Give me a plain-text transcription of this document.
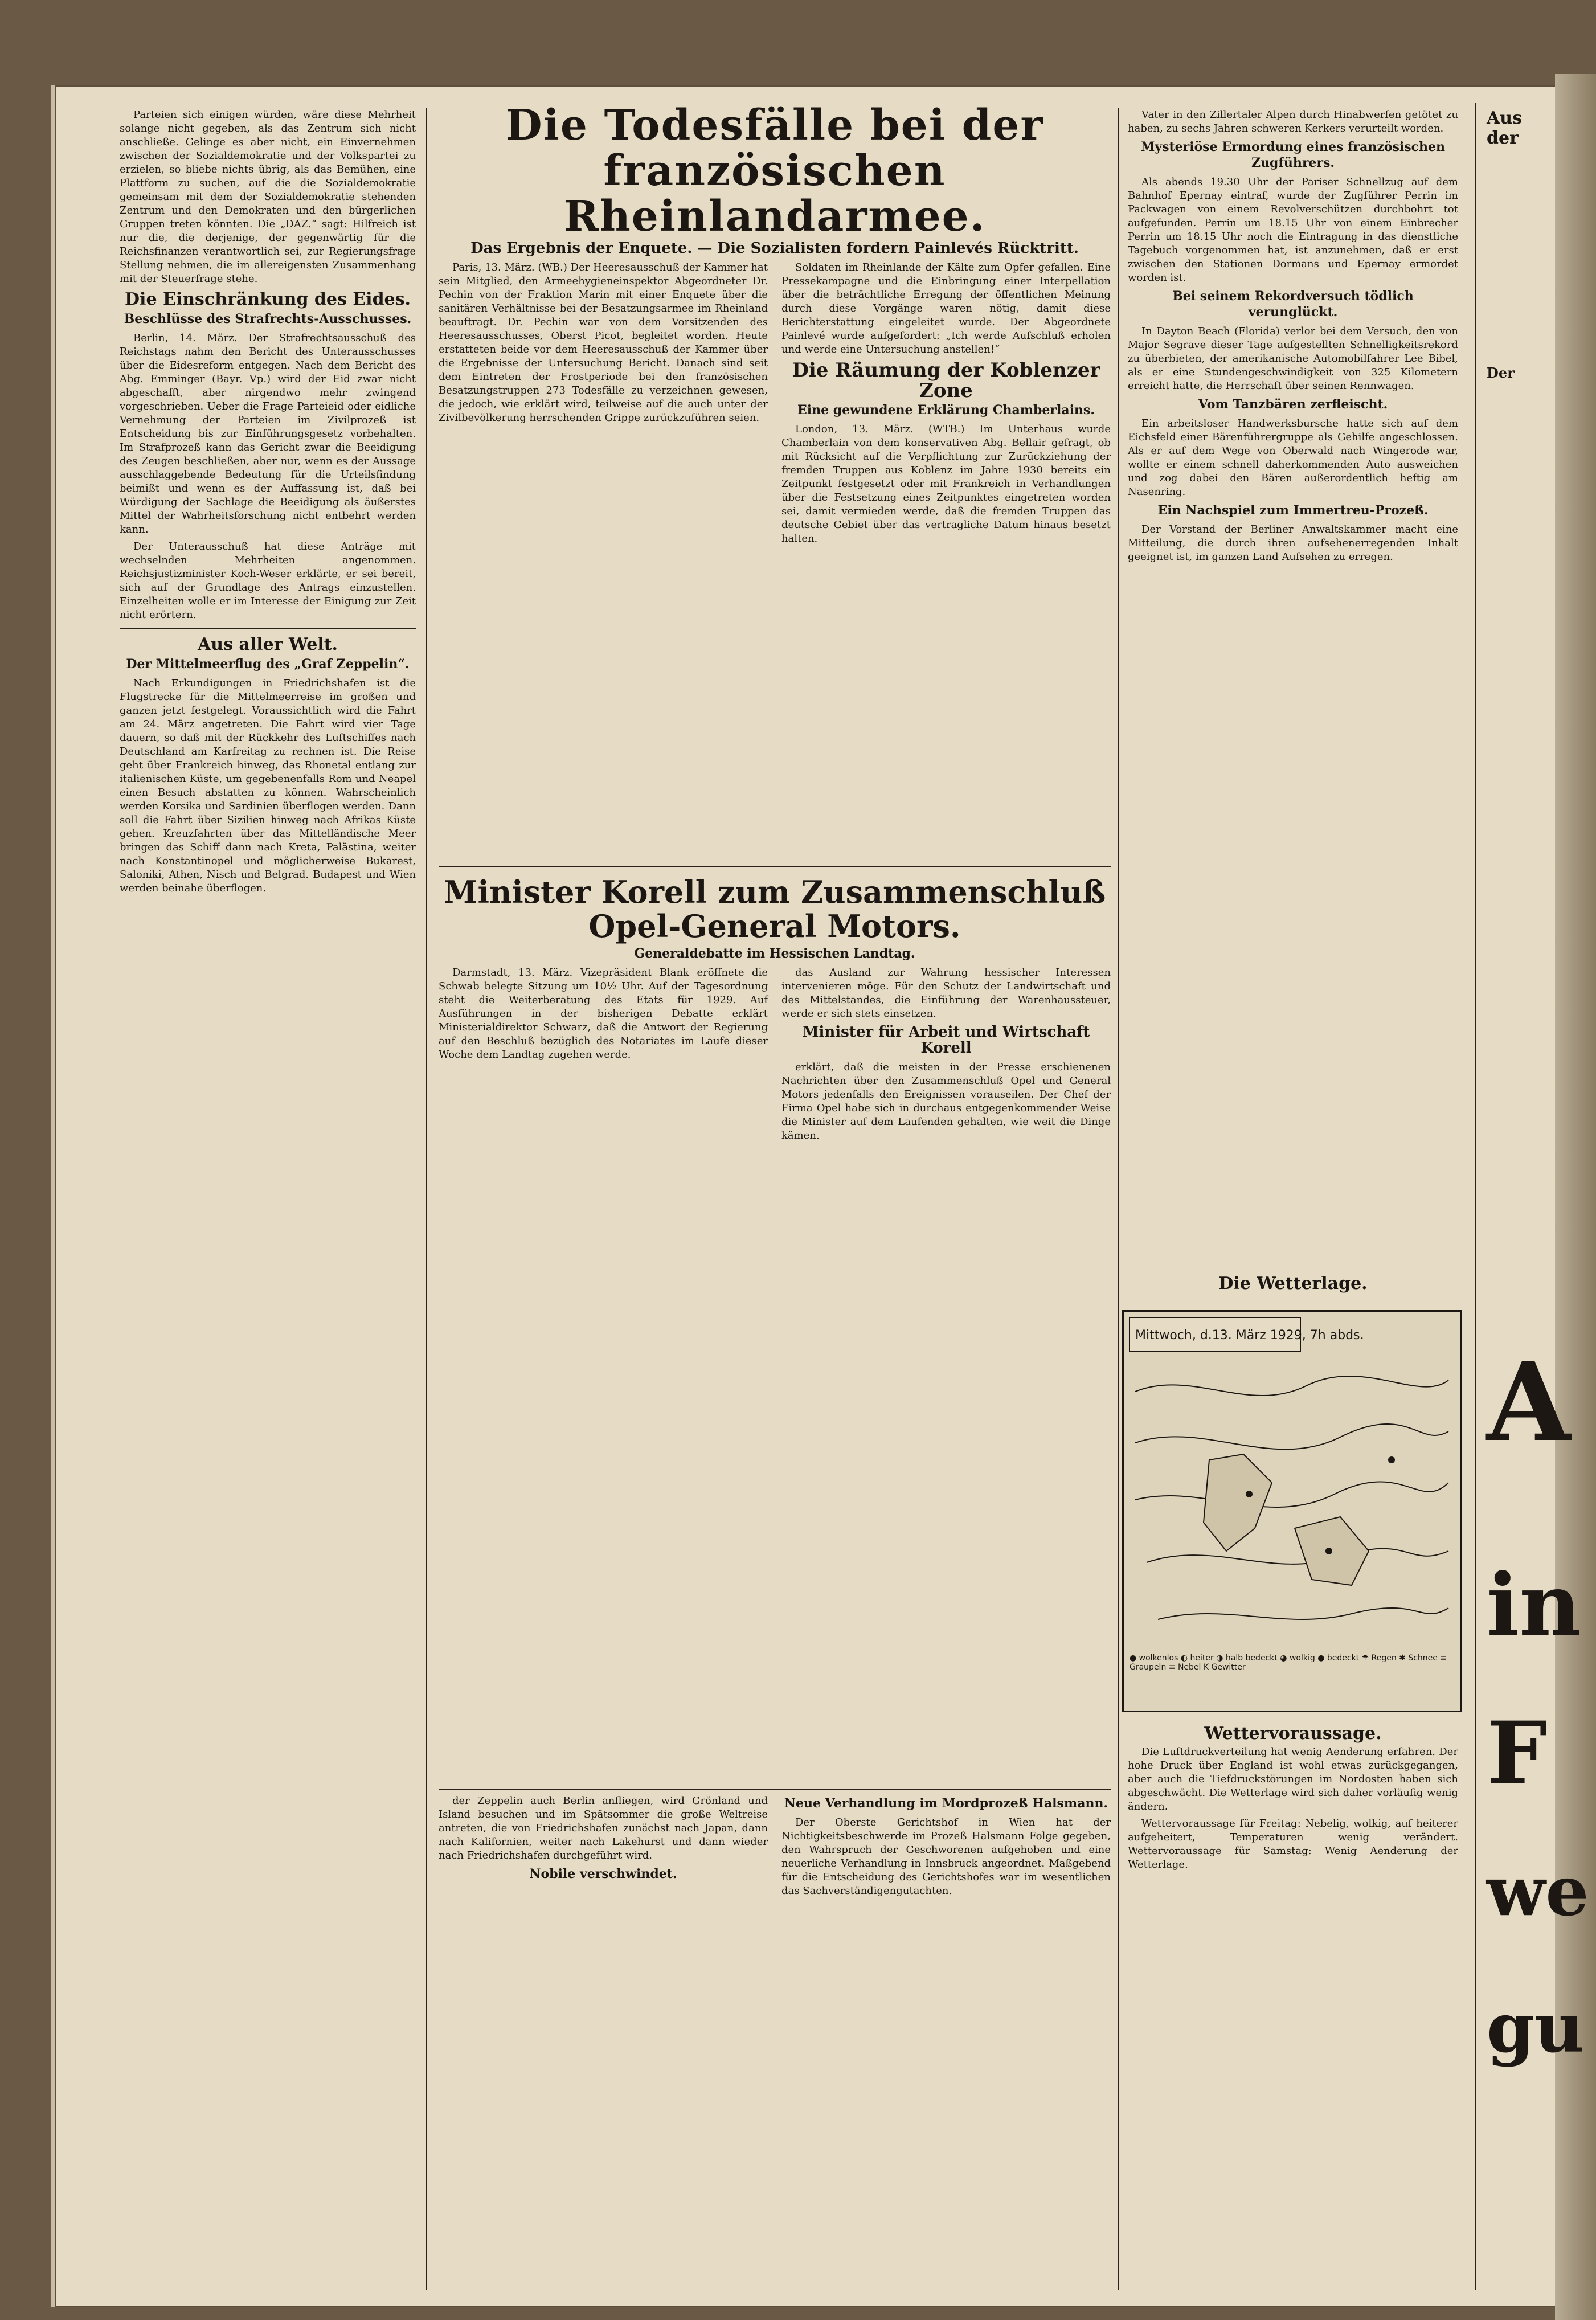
Parteien sich einigen würden, wäre diese Mehrheit solange nicht gegeben, als das Zentrum sich nicht anschließe. Gelinge es aber nicht, ein Einvernehmen zwischen der Sozialdemokratie und der Volkspartei zu erzielen, so bliebe nichts übrig, als das Bemühen, eine Plattform zu suchen, auf die die Sozialdemokratie gemeinsam mit dem der Sozialdemokratie stehenden Zentrum und den Demokraten und den bürgerlichen Gruppen treten könnten. Die „DAZ.“ sagt: Hilfreich ist nur die, die derjenige, der gegenwärtig für die Reichsfinanzen verantwortlich sei, zur Regierungsfrage Stellung nehmen, die im allereigensten Zusammenhang mit der Steuerfrage stehe.

Die Einschränkung des Eides.
Beschlüsse des Strafrechts-Ausschusses.

Berlin, 14. März. Der Strafrechtsausschuß des Reichstags nahm den Bericht des Unterausschusses über die Eidesreform entgegen. Nach dem Bericht des Abg. Emminger (Bayr. Vp.) wird der Eid zwar nicht abgeschafft, aber nirgendwo mehr zwingend vorgeschrieben. Ueber die Frage Parteieid oder eidliche Vernehmung der Parteien im Zivilprozeß ist Entscheidung bis zur Einführungsgesetz vorbehalten. Im Strafprozeß kann das Gericht zwar die Beeidigung des Zeugen beschließen, aber nur, wenn es der Aussage ausschlaggebende Bedeutung für die Urteilsfindung beimißt und wenn es der Auffassung ist, daß bei Würdigung der Sachlage die Beeidigung als äußerstes Mittel der Wahrheitsforschung nicht entbehrt werden kann.

Der Unterausschuß hat diese Anträge mit wechselnden Mehrheiten angenommen. Reichsjustizminister Koch-Weser erklärte, er sei bereit, sich auf der Grundlage des Antrags einzustellen. Einzelheiten wolle er im Interesse der Einigung zur Zeit nicht erörtern.

Aus aller Welt.
Der Mittelmeerflug des „Graf Zeppelin“.

Nach Erkundigungen in Friedrichshafen ist die Flugstrecke für die Mittelmeerreise im großen und ganzen jetzt festgelegt. Voraussichtlich wird die Fahrt am 24. März angetreten. Die Fahrt wird vier Tage dauern, so daß mit der Rückkehr des Luftschiffes nach Deutschland am Karfreitag zu rechnen ist. Die Reise geht über Frankreich hinweg, das Rhonetal entlang zur italienischen Küste, um gegebenenfalls Rom und Neapel einen Besuch abstatten zu können. Wahrscheinlich werden Korsika und Sardinien überflogen werden. Dann soll die Fahrt über Sizilien hinweg nach Afrikas Küste gehen. Kreuzfahrten über das Mittelländische Meer bringen das Schiff dann nach Kreta, Palästina, weiter nach Konstantinopel und möglicherweise Bukarest, Saloniki, Athen, Nisch und Belgrad. Budapest und Wien werden beinahe überflogen.

Die Todesfälle bei der französischen Rheinlandarmee.
Das Ergebnis der Enquete. — Die Sozialisten fordern Painlevés Rücktritt.

Paris, 13. März. (WB.) Der Heeresausschuß der Kammer hat sein Mitglied, den Armeehygieneinspektor Abgeordneter Dr. Pechin von der Fraktion Marin mit einer Enquete über die sanitären Verhältnisse bei der Besatzungsarmee im Rheinland beauftragt. Dr. Pechin war von dem Vorsitzenden des Heeresausschusses, Oberst Picot, begleitet worden. Heute erstatteten beide vor dem Heeresausschuß der Kammer über die Ergebnisse der Untersuchung Bericht. Danach sind seit dem Eintreten der Frostperiode bei den französischen Besatzungstruppen 273 Todesfälle zu verzeichnen gewesen, die jedoch, wie erklärt wird, teilweise auf die auch unter der Zivilbevölkerung herrschenden Grippe zurückzuführen seien.

Soldaten im Rheinlande der Kälte zum Opfer gefallen. Eine Pressekampagne und die Einbringung einer Interpellation über die beträchtliche Erregung der öffentlichen Meinung durch diese Vorgänge waren nötig, damit diese Berichterstattung eingeleitet wurde. Der Abgeordnete Painlevé wurde aufgefordert: „Ich werde Aufschluß erholen und werde eine Untersuchung anstellen!“

Die Räumung der Koblenzer Zone
Eine gewundene Erklärung Chamberlains.

London, 13. März. (WTB.) Im Unterhaus wurde Chamberlain von dem konservativen Abg. Bellair gefragt, ob mit Rücksicht auf die Verpflichtung zur Zurückziehung der fremden Truppen aus Koblenz im Jahre 1930 bereits ein Zeitpunkt festgesetzt oder mit Frankreich in Verhandlungen über die Festsetzung eines Zeitpunktes eingetreten worden sei, damit vermieden werde, daß die fremden Truppen das deutsche Gebiet über das vertragliche Datum hinaus besetzt halten.

Minister Korell zum Zusammenschluß Opel-General Motors.
Generaldebatte im Hessischen Landtag.

Darmstadt, 13. März. Vizepräsident Blank eröffnete die Schwab belegte Sitzung um 10½ Uhr. Auf der Tagesordnung steht die Weiterberatung des Etats für 1929. Auf Ausführungen in der bisherigen Debatte erklärt Ministerialdirektor Schwarz, daß die Antwort der Regierung auf den Beschluß bezüglich des Notariates im Laufe dieser Woche dem Landtag zugehen werde.

das Ausland zur Wahrung hessischer Interessen intervenieren möge. Für den Schutz der Landwirtschaft und des Mittelstandes, die Einführung der Warenhaussteuer, werde er sich stets einsetzen.

Minister für Arbeit und Wirtschaft Korell

erklärt, daß die meisten in der Presse erschienenen Nachrichten über den Zusammenschluß Opel und General Motors jedenfalls den Ereignissen vorauseilen. Der Chef der Firma Opel habe sich in durchaus entgegenkommender Weise die Minister auf dem Laufenden gehalten, wie weit die Dinge kämen.

der Zeppelin auch Berlin anfliegen, wird Grönland und Island besuchen und im Spätsommer die große Weltreise antreten, die von Friedrichshafen zunächst nach Japan, dann nach Kalifornien, weiter nach Lakehurst und dann wieder nach Friedrichshafen durchgeführt wird.

Nobile verschwindet.
Neue Verhandlung im Mordprozeß Halsmann.

Der Oberste Gerichtshof in Wien hat der Nichtigkeitsbeschwerde im Prozeß Halsmann Folge gegeben, den Wahrspruch der Geschworenen aufgehoben und eine neuerliche Verhandlung in Innsbruck angeordnet. Maßgebend für die Entscheidung des Gerichtshofes war im wesentlichen das Sachverständigengutachten.

Vater in den Zillertaler Alpen durch Hinabwerfen getötet zu haben, zu sechs Jahren schweren Kerkers verurteilt worden.

Mysteriöse Ermordung eines französischen Zugführers.

Als abends 19.30 Uhr der Pariser Schnellzug auf dem Bahnhof Epernay eintraf, wurde der Zugführer Perrin im Packwagen von einem Revolverschützen durchbohrt tot aufgefunden. Perrin um 18.15 Uhr von einem Einbrecher Perrin um 18.15 Uhr noch die Eintragung in das dienstliche Tagebuch vorgenommen hat, ist anzunehmen, daß er erst zwischen den Stationen Dormans und Epernay ermordet worden ist.

Bei seinem Rekordversuch tödlich verunglückt.

In Dayton Beach (Florida) verlor bei dem Versuch, den von Major Segrave dieser Tage aufgestellten Schnelligkeitsrekord zu überbieten, der amerikanische Automobilfahrer Lee Bibel, als er eine Stundengeschwindigkeit von 325 Kilometern erreicht hatte, die Herrschaft über seinen Rennwagen.

Vom Tanzbären zerfleischt.

Ein arbeitsloser Handwerksbursche hatte sich auf dem Eichsfeld einer Bärenführergruppe als Gehilfe angeschlossen. Als er auf dem Wege von Oberwald nach Wingerode war, wollte er einem schnell daherkommenden Auto ausweichen und zog dabei den Bären außerordentlich heftig am Nasenring.

Ein Nachspiel zum Immertreu-Prozeß.

Der Vorstand der Berliner Anwaltskammer macht eine Mitteilung, die durch ihren aufsehenerregenden Inhalt geeignet ist, im ganzen Land Aufsehen zu erregen.

Die Wetterlage.
Mittwoch, d.13. März 1929, 7h abds.
● wolkenlos ◐ heiter ◑ halb bedeckt ◕ wolkig ● bedeckt ☂ Regen ✱ Schnee ≡ Graupeln ≡ Nebel K Gewitter
Wettervoraussage.

Die Luftdruckverteilung hat wenig Aenderung erfahren. Der hohe Druck über England ist wohl etwas zurückgegangen, aber auch die Tiefdruckstörungen im Nordosten haben sich abgeschwächt. Die Wetterlage wird sich daher vorläufig wenig ändern.

Wettervoraussage für Freitag: Nebelig, wolkig, auf heiterer aufgeheitert, Temperaturen wenig verändert. Wettervoraussage für Samstag: Wenig Aenderung der Wetterlage.

Aus der
Der
A
in
F
we
gu
